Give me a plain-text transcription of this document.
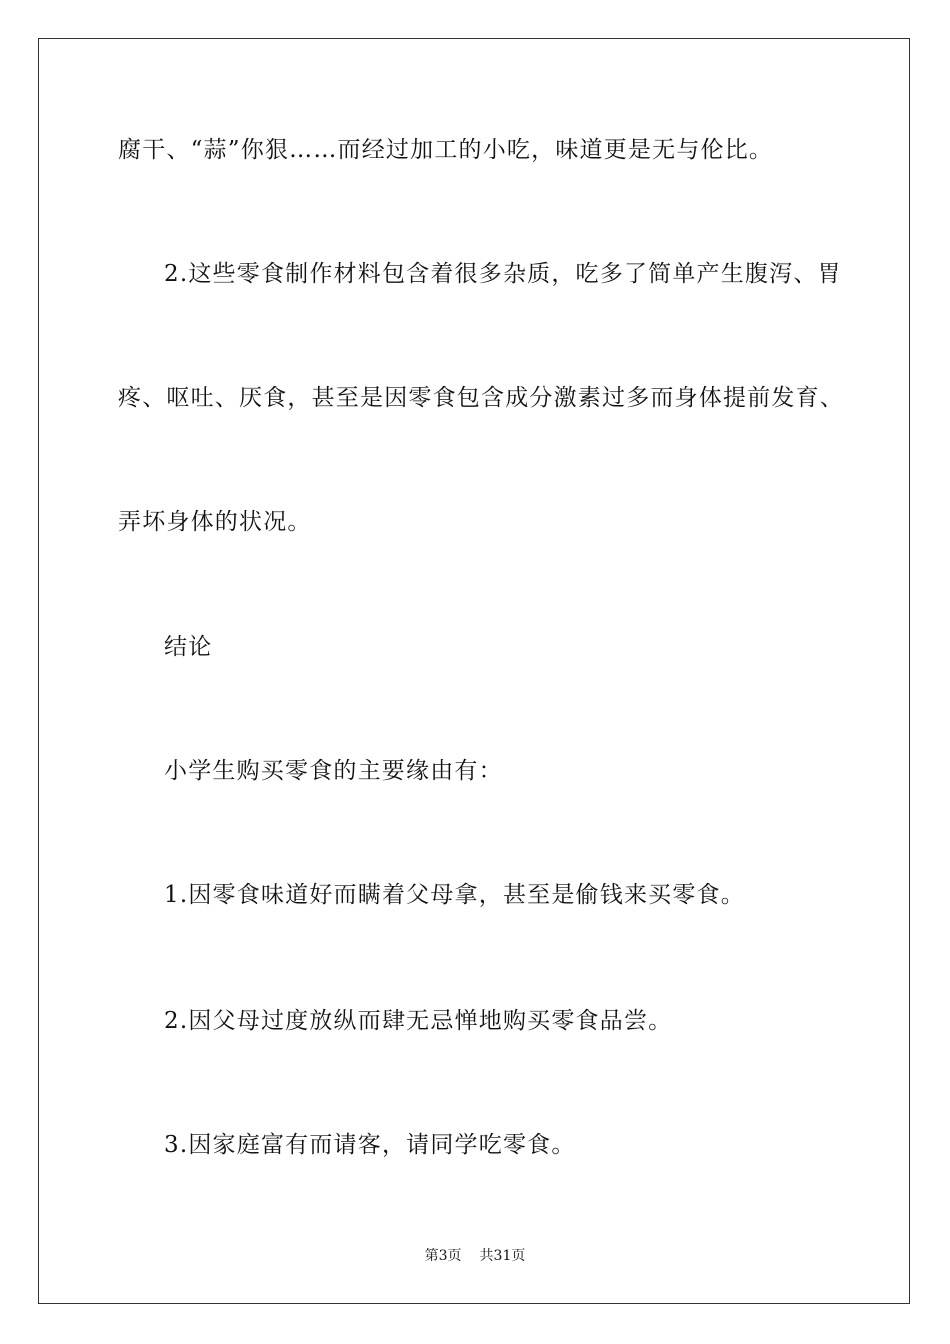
腐干、“蒜”你狠……而经过加工的小吃，味道更是无与伦比。
2.这些零食制作材料包含着很多杂质，吃多了简单产生腹泻、胃
疼、呕吐、厌食，甚至是因零食包含成分激素过多而身体提前发育、
弄坏身体的状况。
结论
小学生购买零食的主要缘由有：
1.因零食味道好而瞒着父母拿，甚至是偷钱来买零食。
2.因父母过度放纵而肆无忌惮地购买零食品尝。
3.因家庭富有而请客，请同学吃零食。
第3页 共31页
